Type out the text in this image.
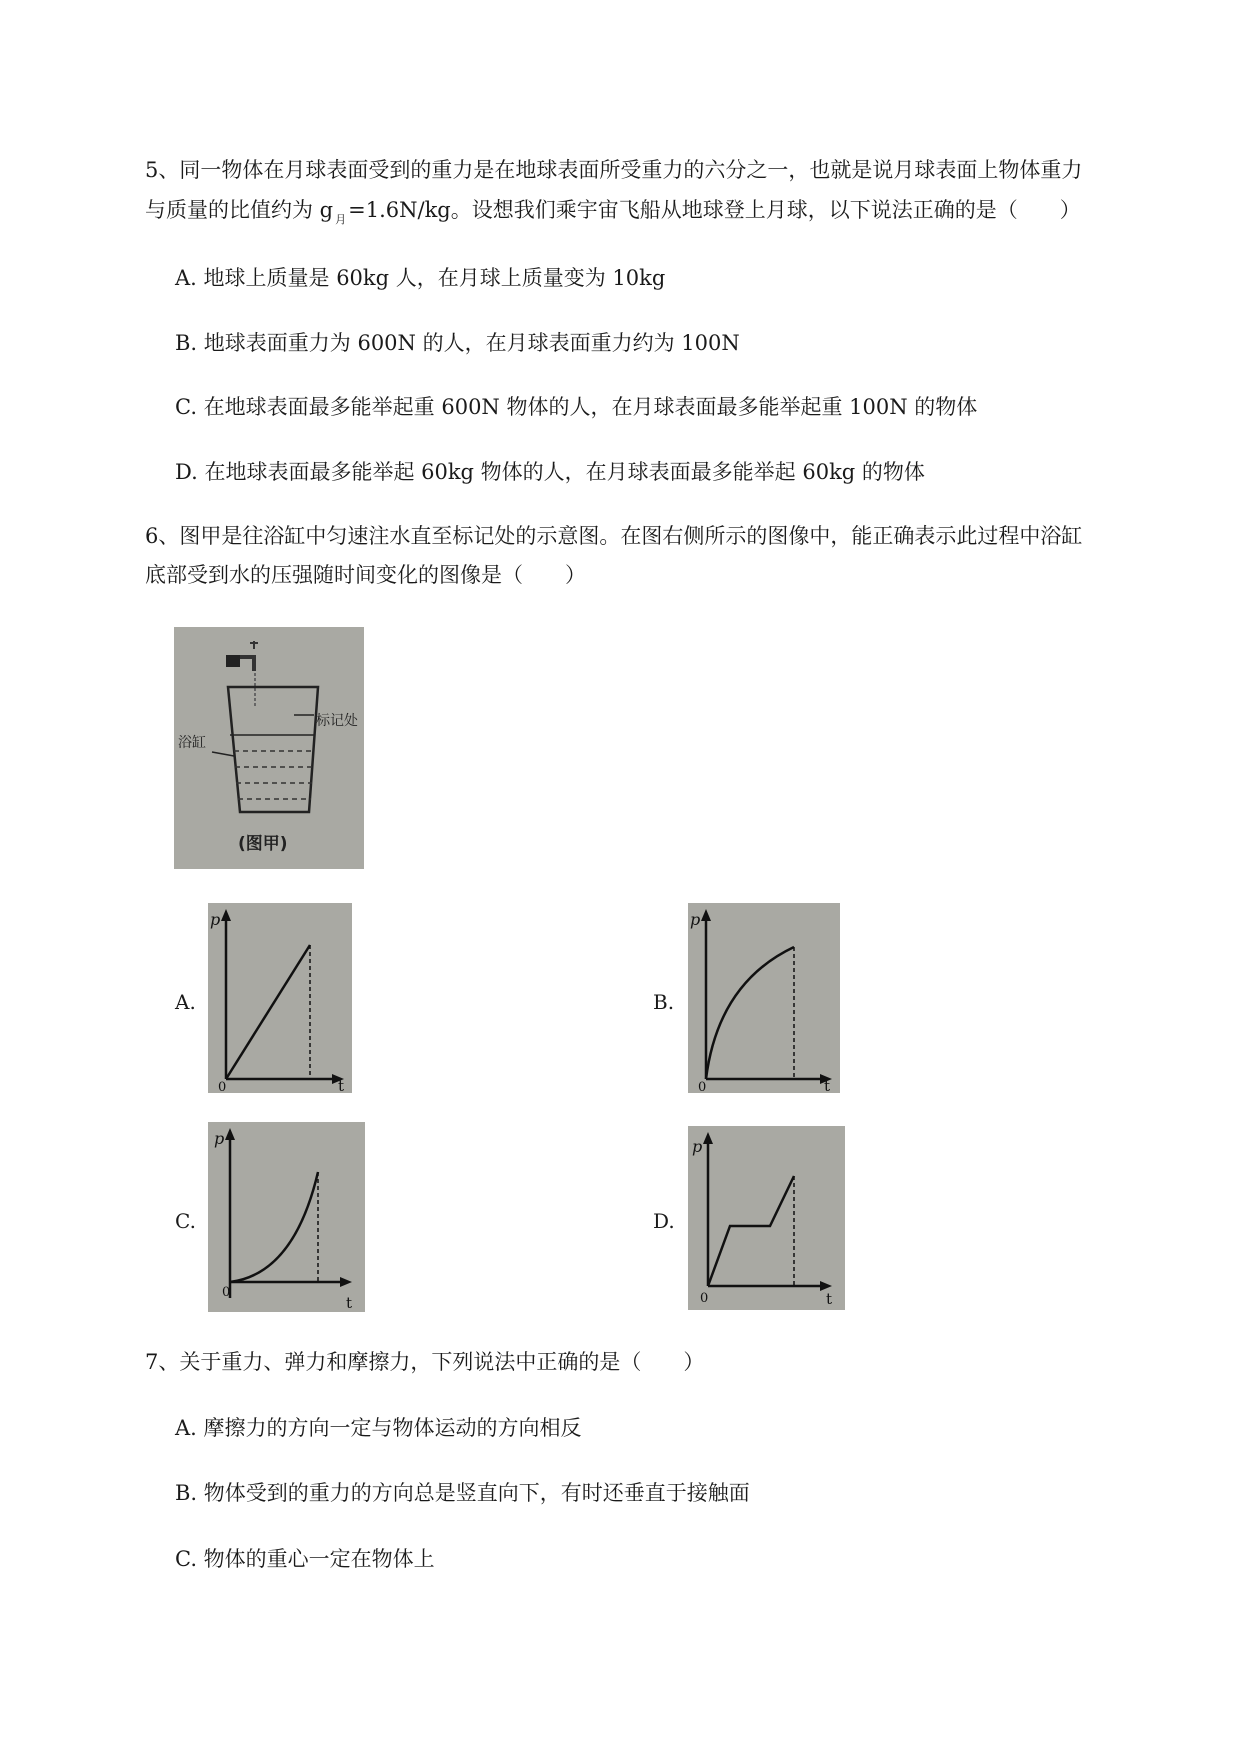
5、同一物体在月球表面受到的重力是在地球表面所受重力的六分之一，也就是说月球表面上物体重力
与质量的比值约为 g $_月$=1.6N/kg。设想我们乘宇宙飞船从地球登上月球，以下说法正确的是（　　）
A. 地球上质量是 60kg 人，在月球上质量变为 10kg
B. 地球表面重力为 600N 的人，在月球表面重力约为 100N
C. 在地球表面最多能举起重 600N 物体的人，在月球表面最多能举起重 100N 的物体
D. 在地球表面最多能举起 60kg 物体的人，在月球表面最多能举起 60kg 的物体
6、图甲是往浴缸中匀速注水直至标记处的示意图。在图右侧所示的图像中，能正确表示此过程中浴缸
底部受到水的压强随时间变化的图像是（　　）
标记处
浴缸
(图甲)
A.	B.
C.	D.
p
0	t
p
0	t
p
0
t
p
0	t
7、关于重力、弹力和摩擦力，下列说法中正确的是（　　）
A. 摩擦力的方向一定与物体运动的方向相反
B. 物体受到的重力的方向总是竖直向下，有时还垂直于接触面
C. 物体的重心一定在物体上
